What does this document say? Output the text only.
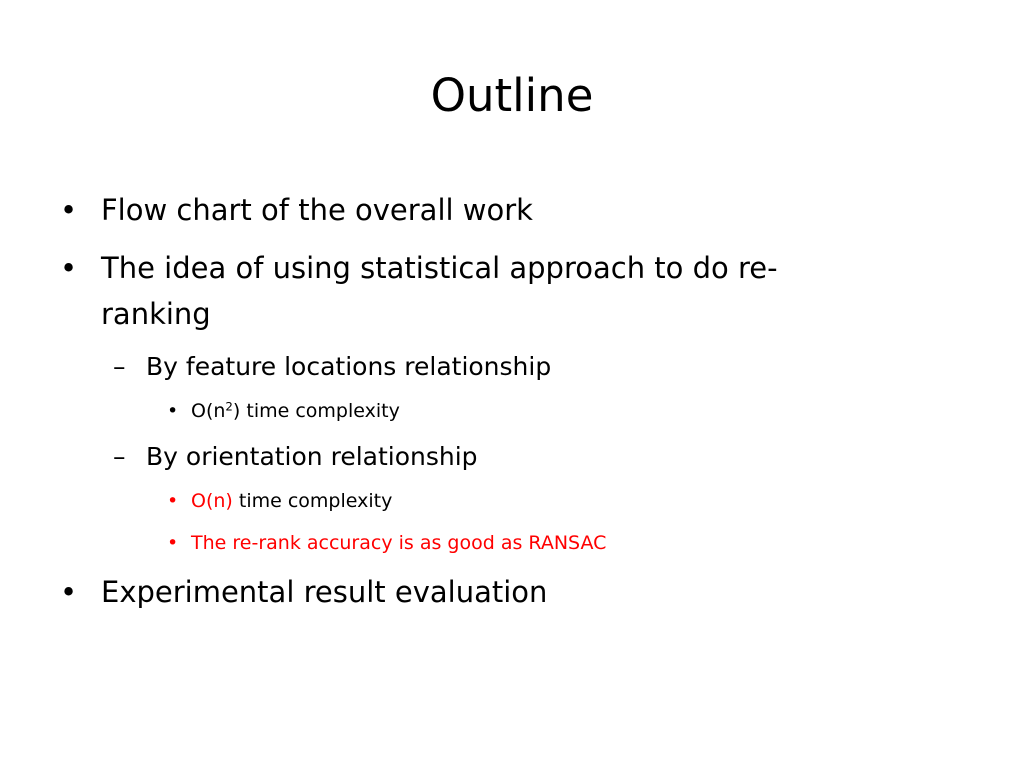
Outline
• Flow chart of the overall work
• The idea of using statistical approach to do re-
ranking
– By feature locations relationship
• $O(n^2)$ time complexity
– By orientation relationship
• O(n) time complexity
• The re-rank accuracy is as good as RANSAC
• Experimental result evaluation
